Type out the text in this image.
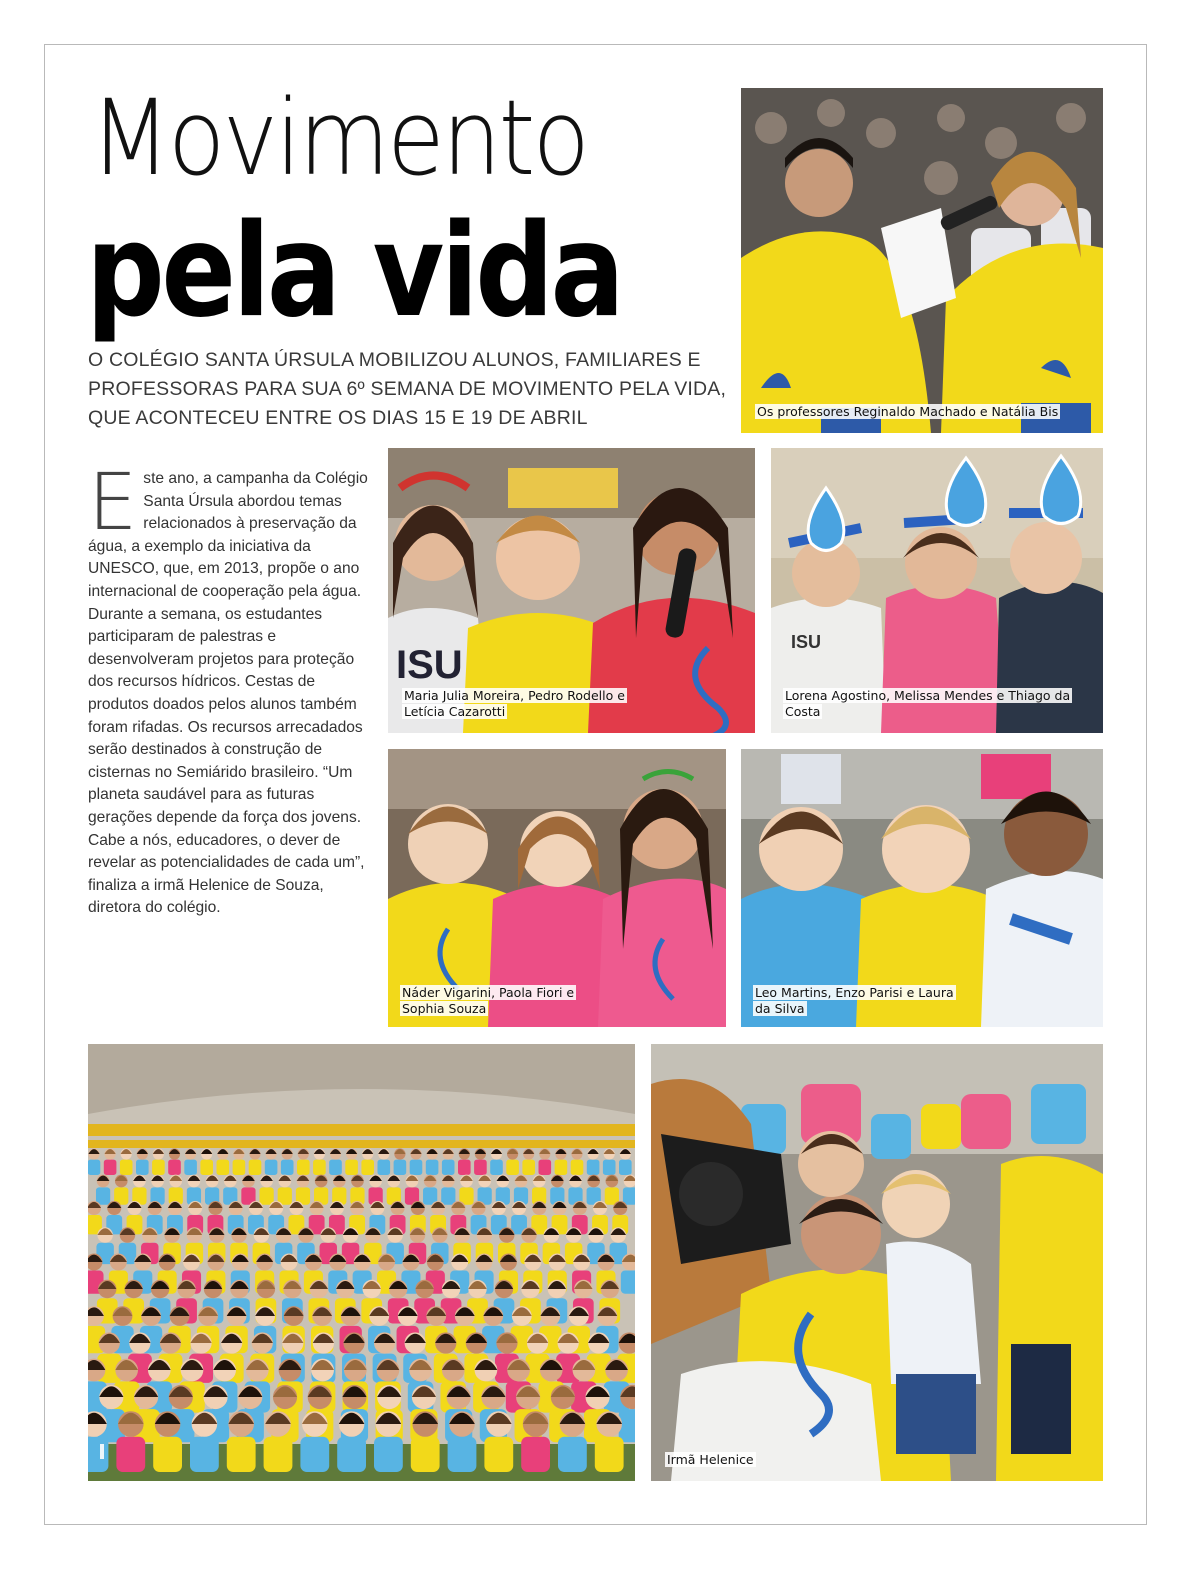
Movimento
pela vida

O COLÉGIO SANTA ÚRSULA MOBILIZOU ALUNOS, FAMILIARES E PROFESSORAS PARA SUA 6º SEMANA DE MOVIMENTO PELA VIDA, QUE ACONTECEU ENTRE OS DIAS 15 E 19 DE ABRIL

E ste ano, a campanha da Colégio Santa Úrsula abordou temas relacionados à preservação da água, a exemplo da iniciativa da UNESCO, que, em 2013, propõe o ano internacional de cooperação pela água. Durante a semana, os estudantes participaram de palestras e desenvolveram projetos para proteção dos recursos hídricos. Cestas de produtos doados pelos alunos também foram rifadas. Os recursos arrecadados serão destinados à construção de cisternas no Semiárido brasileiro. “Um planeta saudável para as futuras gerações depende da força dos jovens. Cabe a nós, educadores, o dever de revelar as potencialidades de cada um”, finaliza a irmã Helenice de Souza, diretora do colégio.
Os professores Reginaldo Machado e Natália Bis
ISU
Maria Julia Moreira, Pedro Rodello e Letícia Cazarotti
ISU
Lorena Agostino, Melissa Mendes e Thiago da Costa
Náder Vigarini, Paola Fiori e Sophia Souza
Leo Martins, Enzo Parisi e Laura da Silva
Irmã Helenice
